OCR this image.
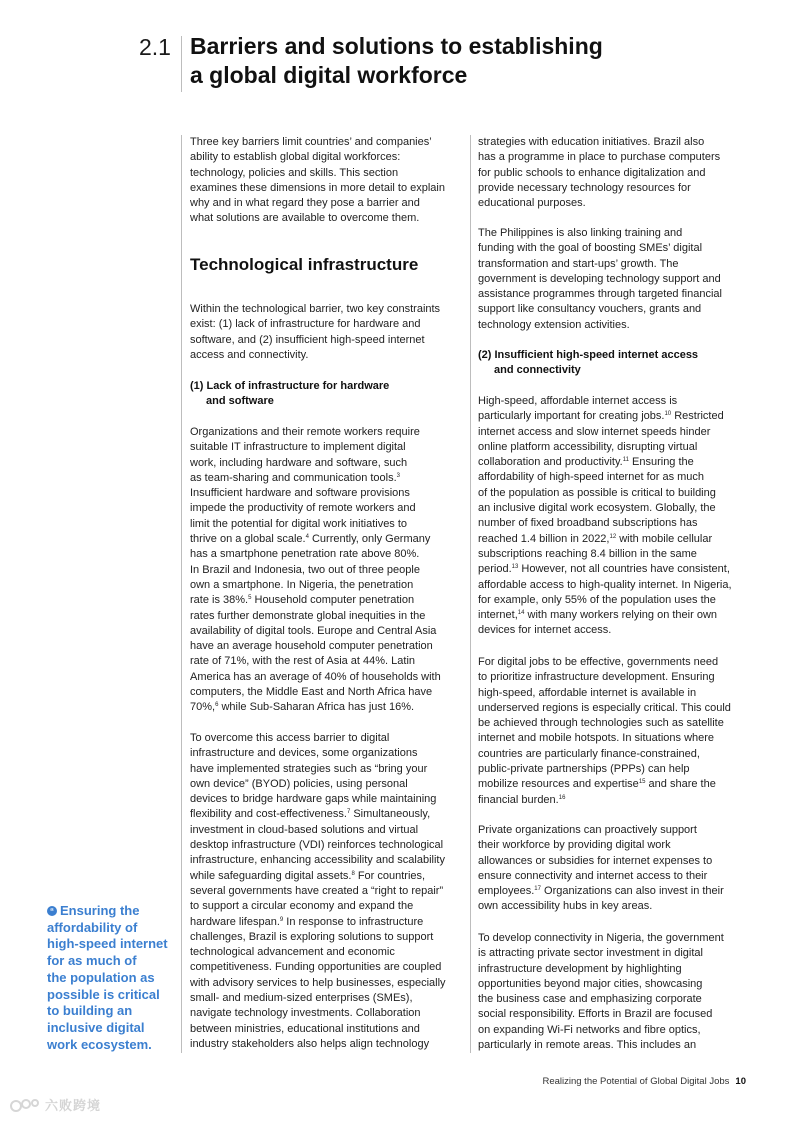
2.1 Barriers and solutions to establishing
a global digital workforce
Three key barriers limit countries’ and companies’
ability to establish global digital workforces:
technology, policies and skills. This section
examines these dimensions in more detail to explain
why and in what regard they pose a barrier and
what solutions are available to overcome them.
Technological infrastructure
Within the technological barrier, two key constraints
exist: (1) lack of infrastructure for hardware and
software, and (2) insufficient high-speed internet
access and connectivity.
(1) Lack of infrastructure for hardware
and software
Organizations and their remote workers require
suitable IT infrastructure to implement digital
work, including hardware and software, such
as team-sharing and communication tools.$^3$
Insufficient hardware and software provisions
impede the productivity of remote workers and
limit the potential for digital work initiatives to
thrive on a global scale.$^4$ Currently, only Germany
has a smartphone penetration rate above 80%.
In Brazil and Indonesia, two out of three people
own a smartphone. In Nigeria, the penetration
rate is 38%.$^5$ Household computer penetration
rates further demonstrate global inequities in the
availability of digital tools. Europe and Central Asia
have an average household computer penetration
rate of 71%, with the rest of Asia at 44%. Latin
America has an average of 40% of households with
computers, the Middle East and North Africa have
70%,$^6$ while Sub-Saharan Africa has just 16%.
To overcome this access barrier to digital
infrastructure and devices, some organizations
have implemented strategies such as “bring your
own device” (BYOD) policies, using personal
devices to bridge hardware gaps while maintaining
flexibility and cost-effectiveness.$^7$ Simultaneously,
investment in cloud-based solutions and virtual
desktop infrastructure (VDI) reinforces technological
infrastructure, enhancing accessibility and scalability
while safeguarding digital assets.$^8$ For countries,
several governments have created a “right to repair”
to support a circular economy and expand the
hardware lifespan.$^9$ In response to infrastructure
challenges, Brazil is exploring solutions to support
technological advancement and economic
competitiveness. Funding opportunities are coupled
with advisory services to help businesses, especially
small- and medium-sized enterprises (SMEs),
navigate technology investments. Collaboration
between ministries, educational institutions and
industry stakeholders also helps align technology
strategies with education initiatives. Brazil also
has a programme in place to purchase computers
for public schools to enhance digitalization and
provide necessary technology resources for
educational purposes.
The Philippines is also linking training and
funding with the goal of boosting SMEs’ digital
transformation and start-ups’ growth. The
government is developing technology support and
assistance programmes through targeted financial
support like consultancy vouchers, grants and
technology extension activities.
(2) Insufficient high-speed internet access
and connectivity
High-speed, affordable internet access is
particularly important for creating jobs.$^{10}$ Restricted
internet access and slow internet speeds hinder
online platform accessibility, disrupting virtual
collaboration and productivity.$^{11}$ Ensuring the
affordability of high-speed internet for as much
of the population as possible is critical to building
an inclusive digital work ecosystem. Globally, the
number of fixed broadband subscriptions has
reached 1.4 billion in 2022,12 with mobile cellular
subscriptions reaching 8.4 billion in the same
period.$^{13}$ However, not all countries have consistent,
affordable access to high-quality internet. In Nigeria,
for example, only 55% of the population uses the
internet,$^{14}$ with many workers relying on their own
devices for internet access.
For digital jobs to be effective, governments need
to prioritize infrastructure development. Ensuring
high-speed, affordable internet is available in
underserved regions is especially critical. This could
be achieved through technologies such as satellite
internet and mobile hotspots. In situations where
countries are particularly finance-constrained,
public-private partnerships (PPPs) can help
mobilize resources and expertise$^{15}$ and share the
financial burden.$^{16}$
Private organizations can proactively support
their workforce by providing digital work
allowances or subsidies for internet expenses to
ensure connectivity and internet access to their
employees.$^{17}$ Organizations can also invest in their
own accessibility hubs in key areas.
To develop connectivity in Nigeria, the government
is attracting private sector investment in digital
infrastructure development by highlighting
opportunities beyond major cities, showcasing
the business case and emphasizing corporate
social responsibility. Efforts in Brazil are focused
on expanding Wi-Fi networks and fibre optics,
particularly in remote areas. This includes an
“ Ensuring the
affordability of
high-speed internet
for as much of
the population as
possible is critical
to building an
inclusive digital
work ecosystem.
Realizing the Potential of Global Digital Jobs 10
六败跨境
